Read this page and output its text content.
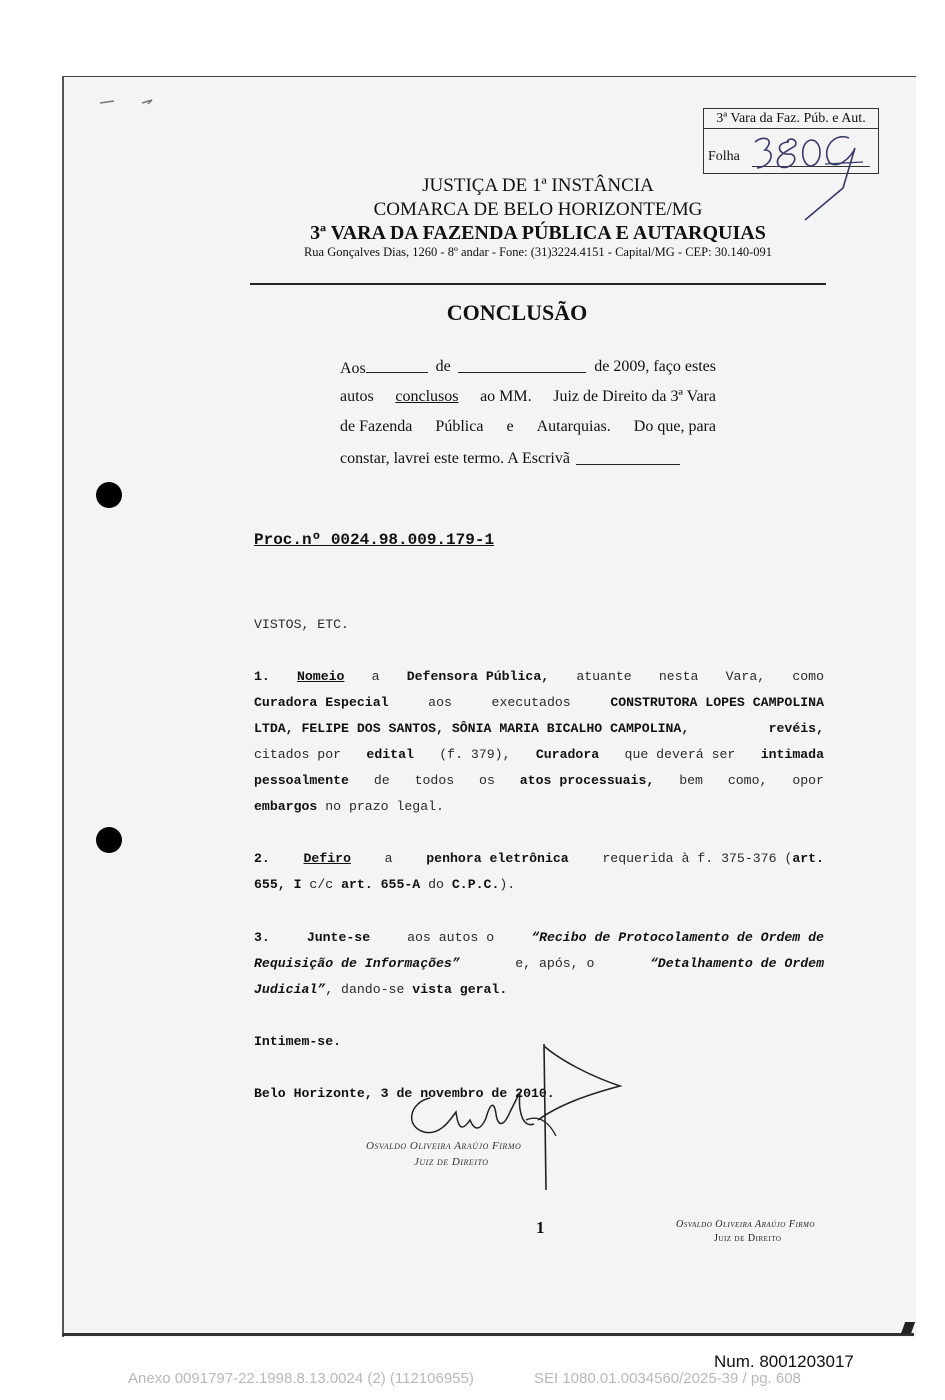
3ª Vara da Faz. Púb. e Aut.
Folha
JUSTIÇA DE 1ª INSTÂNCIA
COMARCA DE BELO HORIZONTE/MG
3ª VARA DA FAZENDA PÚBLICA E AUTARQUIAS
Rua Gonçalves Dias, 1260 - 8º andar - Fone: (31)3224.4151 - Capital/MG - CEP: 30.140-091
CONCLUSÃO
Aos	de	de 2009, faço estes
autos conclusos ao MM. Juiz de Direito da 3ª Vara
de Fazenda Pública e Autarquias. Do que, para
constar, lavrei este termo. A Escrivã
Proc.nº 0024.98.009.179-1
VISTOS, ETC.
1. Nomeio a Defensora Pública, atuante nesta Vara, como
Curadora Especial	aos	executados	CONSTRUTORA LOPES CAMPOLINA
LTDA, FELIPE DOS SANTOS, SÔNIA MARIA BICALHO CAMPOLINA,	revéis,
citados por edital (f. 379), Curadora que deverá ser intimada
pessoalmente de todos os atos processuais, bem como, opor
embargos no prazo legal.
2.	Defiro	a	penhora eletrônica	requerida à f. 375-376 (art.
655, I c/c art. 655-A do C.P.C.).
3.	Junte-se	aos autos o	“Recibo de Protocolamento de Ordem de
Requisição de Informações”	e, após, o	“Detalhamento de Ordem
Judicial”, dando-se vista geral.
Intimem-se.
Belo Horizonte, 3 de novembro de 2010.
Osvaldo Oliveira Araújo Firmo
Juiz de Direito
1	Osvaldo Oliveira Araújo Firmo
Juiz de Direito
Num. 8001203017
Anexo 0091797-22.1998.8.13.0024 (2) (112106955)	SEI 1080.01.0034560/2025-39 / pg. 608
